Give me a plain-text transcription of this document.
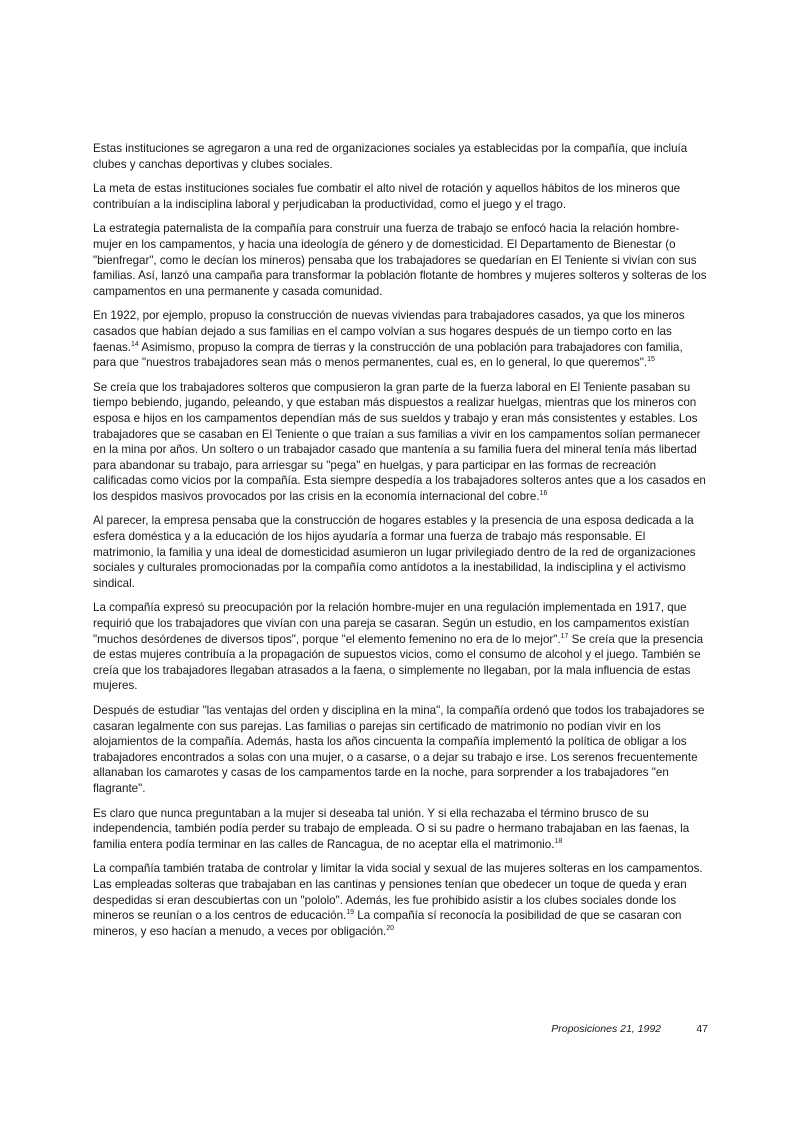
Estas instituciones se agregaron a una red de organizaciones sociales ya establecidas por la compañía, que incluía clubes y canchas deportivas y clubes sociales.

La meta de estas instituciones sociales fue combatir el alto nivel de rotación y aquellos hábitos de los mineros que contribuían a la indisciplina laboral y perjudicaban la productividad, como el juego y el trago.

La estrategia paternalista de la compañía para construir una fuerza de trabajo se enfocó hacia la relación hombre-mujer en los campamentos, y hacia una ideología de género y de domesticidad. El Departamento de Bienestar (o "bienfregar", como le decían los mineros) pensaba que los trabajadores se quedarían en El Teniente si vivían con sus familias. Así, lanzó una campaña para transformar la población flotante de hombres y mujeres solteros y solteras de los campamentos en una permanente y casada comunidad.

En 1922, por ejemplo, propuso la construcción de nuevas viviendas para trabajadores casados, ya que los mineros casados que habían dejado a sus familias en el campo volvían a sus hogares después de un tiempo corto en las faenas.$^{14}$ Asimismo, propuso la compra de tierras y la construcción de una población para trabajadores con familia, para que "nuestros trabajadores sean más o menos permanentes, cual es, en lo general, lo que queremos".$^{15}$

Se creía que los trabajadores solteros que compusieron la gran parte de la fuerza laboral en El Teniente pasaban su tiempo bebiendo, jugando, peleando, y que estaban más dispuestos a realizar huelgas, mientras que los mineros con esposa e hijos en los campamentos dependían más de sus sueldos y trabajo y eran más consistentes y estables. Los trabajadores que se casaban en El Teniente o que traían a sus familias a vivir en los campamentos solían permanecer en la mina por años. Un soltero o un trabajador casado que mantenía a su familia fuera del mineral tenía más libertad para abandonar su trabajo, para arriesgar su "pega" en huelgas, y para participar en las formas de recreación calificadas como vicios por la compañía. Esta siempre despedía a los trabajadores solteros antes que a los casados en los despidos masivos provocados por las crisis en la economía internacional del cobre.$^{16}$

Al parecer, la empresa pensaba que la construcción de hogares estables y la presencia de una esposa dedicada a la esfera doméstica y a la educación de los hijos ayudaría a formar una fuerza de trabajo más responsable. El matrimonio, la familia y una ideal de domesticidad asumieron un lugar privilegiado dentro de la red de organizaciones sociales y culturales promocionadas por la compañía como antídotos a la inestabilidad, la indisciplina y el activismo sindical.

La compañía expresó su preocupación por la relación hombre-mujer en una regulación implementada en 1917, que requirió que los trabajadores que vivían con una pareja se casaran. Según un estudio, en los campamentos existían "muchos desórdenes de diversos tipos", porque "el elemento femenino no era de lo mejor".$^{17}$ Se creía que la presencia de estas mujeres contribuía a la propagación de supuestos vicios, como el consumo de alcohol y el juego. También se creía que los trabajadores llegaban atrasados a la faena, o simplemente no llegaban, por la mala influencia de estas mujeres.

Después de estudiar "las ventajas del orden y disciplina en la mina", la compañía ordenó que todos los trabajadores se casaran legalmente con sus parejas. Las familias o parejas sin certificado de matrimonio no podían vivir en los alojamientos de la compañía. Además, hasta los años cincuenta la compañía implementó la política de obligar a los trabajadores encontrados a solas con una mujer, o a casarse, o a dejar su trabajo e irse. Los serenos frecuentemente allanaban los camarotes y casas de los campamentos tarde en la noche, para sorprender a los trabajadores "en flagrante".

Es claro que nunca preguntaban a la mujer si deseaba tal unión. Y si ella rechazaba el término brusco de su independencia, también podía perder su trabajo de empleada. O si su padre o hermano trabajaban en las faenas, la familia entera podía terminar en las calles de Rancagua, de no aceptar ella el matrimonio.$^{18}$

La compañía también trataba de controlar y limitar la vida social y sexual de las mujeres solteras en los campamentos. Las empleadas solteras que trabajaban en las cantinas y pensiones tenían que obedecer un toque de queda y eran despedidas si eran descubiertas con un "pololo". Además, les fue prohibido asistir a los clubes sociales donde los mineros se reunían o a los centros de educación.$^{19}$ La compañía sí reconocía la posibilidad de que se casaran con mineros, y eso hacían a menudo, a veces por obligación.$^{20}$

Proposiciones 21, 1992	47
